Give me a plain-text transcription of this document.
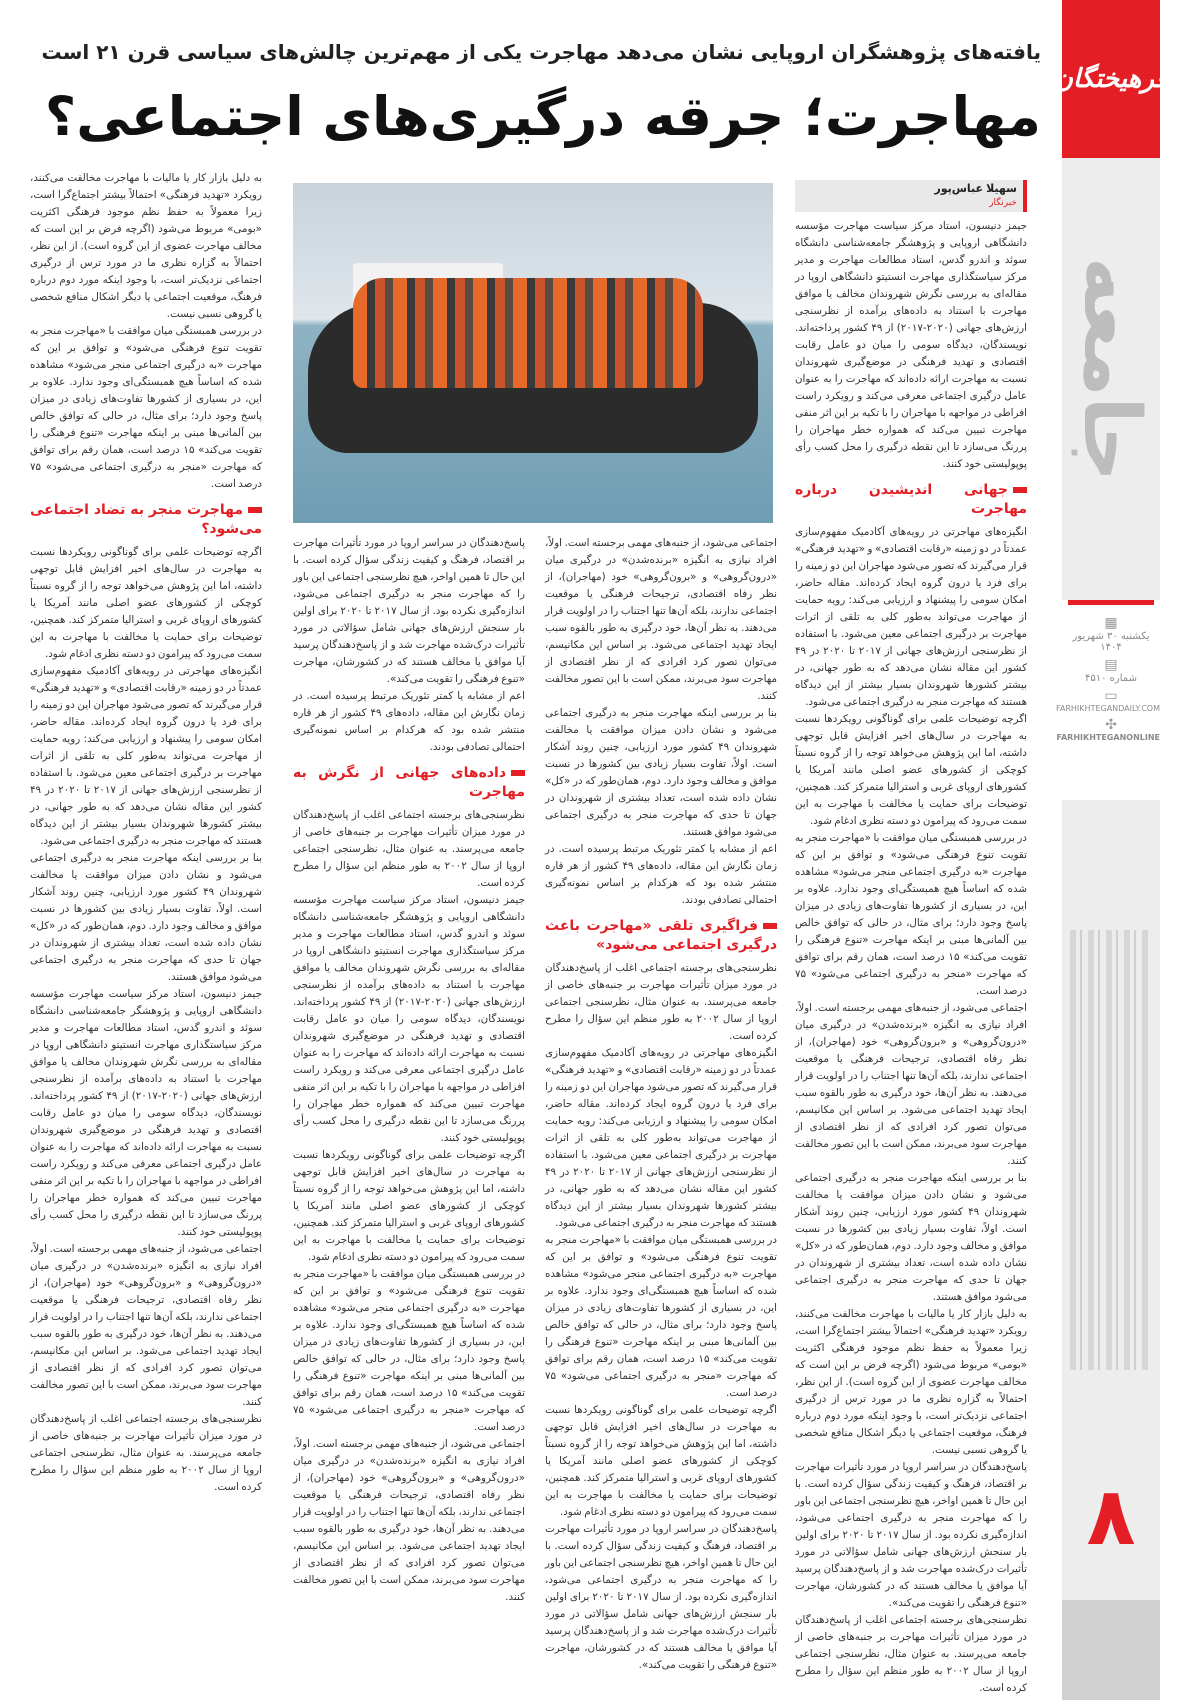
فرهیختگان
جامعه
▦
یکشنبه ۳۰ شهریور ۱۴۰۴
▤
شماره ۴۵۱۰
▭
FARHIKHTEGANDAILY.COM
✣
FARHIKHTEGANONLINE
۸
یافته‌های پژوهشگران اروپایی نشان می‌دهد مهاجرت یکی از مهم‌ترین چالش‌های سیاسی قرن ۲۱ است
مهاجرت؛ جرقه درگیری‌های اجتماعی؟
سهیلا عباس‌پور
خبرنگار

جیمز دنیسون، استاد مرکز سیاست مهاجرت مؤسسه دانشگاهی اروپایی و پژوهشگر جامعه‌شناسی دانشگاه سوئد و اندرو گدس، استاد مطالعات مهاجرت و مدیر مرکز سیاستگذاری مهاجرت انستیتو دانشگاهی اروپا در مقاله‌ای به بررسی نگرش شهروندان مخالف یا موافق مهاجرت با استناد به داده‌های برآمده از نظرسنجی ارزش‌های جهانی (۲۰۲۰-۲۰۱۷) از ۴۹ کشور پرداخته‌اند. نویسندگان، دیدگاه سومی را میان دو عامل رقابت اقتصادی و تهدید فرهنگی در موضع‌گیری شهروندان نسبت به مهاجرت ارائه داده‌اند که مهاجرت را به عنوان عامل درگیری اجتماعی معرفی می‌کند و رویکرد راست افراطی در مواجهه با مهاجران را با تکیه بر این اثر منفی مهاجرت تبیین می‌کند که همواره خطر مهاجران را پررنگ می‌سازد تا این نقطه درگیری را محل کسب رأی پوپولیستی خود کنند.

جهانی اندیشیدن درباره مهاجرت

انگیزه‌های مهاجرتی در رویه‌های آکادمیک مفهوم‌سازی عمدتاً در دو زمینه «رقابت اقتصادی» و «تهدید فرهنگی» قرار می‌گیرند که تصور می‌شود مهاجران این دو زمینه را برای فرد یا درون گروه ایجاد کرده‌اند. مقاله حاضر، امکان سومی را پیشنهاد و ارزیابی می‌کند: رویه حمایت از مهاجرت می‌تواند به‌طور کلی به تلقی از اثرات مهاجرت بر درگیری اجتماعی معین می‌شود. با استفاده از نظرسنجی ارزش‌های جهانی از ۲۰۱۷ تا ۲۰۲۰ در ۴۹ کشور این مقاله نشان می‌دهد که به طور جهانی، در بیشتر کشورها شهروندان بسیار بیشتر از این دیدگاه هستند که مهاجرت منجر به درگیری اجتماعی می‌شود.

اگرچه توضیحات علمی برای گوناگونی رویکردها نسبت به مهاجرت در سال‌های اخیر افزایش قابل توجهی داشته، اما این پژوهش می‌خواهد توجه را از گروه نسبتاً کوچکی از کشورهای عضو اصلی مانند آمریکا یا کشورهای اروپای غربی و استرالیا متمرکز کند. همچنین، توضیحات برای حمایت یا مخالفت با مهاجرت به این سمت می‌رود که پیرامون دو دسته نظری ادغام شود.

در بررسی همبستگی میان موافقت با «مهاجرت منجر به تقویت تنوع فرهنگی می‌شود» و توافق بر این که مهاجرت «به درگیری اجتماعی منجر می‌شود» مشاهده شده که اساساً هیچ همبستگی‌ای وجود ندارد. علاوه بر این، در بسیاری از کشورها تفاوت‌های زیادی در میزان پاسخ وجود دارد؛ برای مثال، در حالی که توافق خالص بین آلمانی‌ها مبنی بر اینکه مهاجرت «تنوع فرهنگی را تقویت می‌کند» ۱۵ درصد است، همان رقم برای توافق که مهاجرت «منجر به درگیری اجتماعی می‌شود» ۷۵ درصد است.

اجتماعی می‌شود، از جنبه‌های مهمی برجسته است. اولاً، افراد نیازی به انگیزه «برنده‌شدن» در درگیری میان «درون‌گروهی» و «برون‌گروهی» خود (مهاجران)، از نظر رفاه اقتصادی، ترجیحات فرهنگی یا موقعیت اجتماعی ندارند، بلکه آن‌ها تنها اجتناب را در اولویت قرار می‌دهند. به نظر آن‌ها، خود درگیری به طور بالقوه سبب ایجاد تهدید اجتماعی می‌شود. بر اساس این مکانیسم، می‌توان تصور کرد افرادی که از نظر اقتصادی از مهاجرت سود می‌برند، ممکن است با این تصور مخالفت کنند.

بنا بر بررسی اینکه مهاجرت منجر به درگیری اجتماعی می‌شود و نشان دادن میزان موافقت یا مخالفت شهروندان ۴۹ کشور مورد ارزیابی، چنین روند آشکار است. اولاً، تفاوت بسیار زیادی بین کشورها در نسبت موافق و مخالف وجود دارد. دوم، همان‌طور که در «کل» نشان داده شده است، تعداد بیشتری از شهروندان در جهان تا حدی که مهاجرت منجر به درگیری اجتماعی می‌شود موافق هستند.

به دلیل بازار کار یا مالیات با مهاجرت مخالفت می‌کنند، رویکرد «تهدید فرهنگی» احتمالاً بیشتر اجتماع‌گرا است، زیرا معمولاً به حفظ نظم موجود فرهنگی اکثریت «بومی» مربوط می‌شود (اگرچه فرض بر این است که مخالف مهاجرت عضوی از این گروه است). از این نظر، احتمالاً به گزاره نظری ما در مورد ترس از درگیری اجتماعی نزدیک‌تر است، با وجود اینکه مورد دوم درباره فرهنگ، موقعیت اجتماعی یا دیگر اشکال منافع شخصی یا گروهی نسبی نیست.

پاسخ‌دهندگان در سراسر اروپا در مورد تأثیرات مهاجرت بر اقتصاد، فرهنگ و کیفیت زندگی سؤال کرده است. با این حال تا همین اواخر، هیچ نظرسنجی اجتماعی این باور را که مهاجرت منجر به درگیری اجتماعی می‌شود، اندازه‌گیری نکرده بود. از سال ۲۰۱۷ تا ۲۰۲۰ برای اولین بار سنجش ارزش‌های جهانی شامل سؤالاتی در مورد تأثیرات درک‌شده مهاجرت شد و از پاسخ‌دهندگان پرسید آیا موافق یا مخالف هستند که در کشورشان، مهاجرت «تنوع فرهنگی را تقویت می‌کند».

نظرسنجی‌های برجسته اجتماعی اغلب از پاسخ‌دهندگان در مورد میزان تأثیرات مهاجرت بر جنبه‌های خاصی از جامعه می‌پرسند. به عنوان مثال، نظرسنجی اجتماعی اروپا از سال ۲۰۰۲ به طور منظم این سؤال را مطرح کرده است.

اجتماعی می‌شود، از جنبه‌های مهمی برجسته است. اولاً، افراد نیازی به انگیزه «برنده‌شدن» در درگیری میان «درون‌گروهی» و «برون‌گروهی» خود (مهاجران)، از نظر رفاه اقتصادی، ترجیحات فرهنگی یا موقعیت اجتماعی ندارند، بلکه آن‌ها تنها اجتناب را در اولویت قرار می‌دهند. به نظر آن‌ها، خود درگیری به طور بالقوه سبب ایجاد تهدید اجتماعی می‌شود. بر اساس این مکانیسم، می‌توان تصور کرد افرادی که از نظر اقتصادی از مهاجرت سود می‌برند، ممکن است با این تصور مخالفت کنند.

بنا بر بررسی اینکه مهاجرت منجر به درگیری اجتماعی می‌شود و نشان دادن میزان موافقت یا مخالفت شهروندان ۴۹ کشور مورد ارزیابی، چنین روند آشکار است. اولاً، تفاوت بسیار زیادی بین کشورها در نسبت موافق و مخالف وجود دارد. دوم، همان‌طور که در «کل» نشان داده شده است، تعداد بیشتری از شهروندان در جهان تا حدی که مهاجرت منجر به درگیری اجتماعی می‌شود موافق هستند.

اعم از مشابه یا کمتر تئوریک مرتبط پرسیده است. در زمان نگارش این مقاله، داده‌های ۴۹ کشور از هر قاره منتشر شده بود که هرکدام بر اساس نمونه‌گیری احتمالی تصادفی بودند.

فراگیری تلقی «مهاجرت باعث درگیری اجتماعی می‌شود»

نظرسنجی‌های برجسته اجتماعی اغلب از پاسخ‌دهندگان در مورد میزان تأثیرات مهاجرت بر جنبه‌های خاصی از جامعه می‌پرسند. به عنوان مثال، نظرسنجی اجتماعی اروپا از سال ۲۰۰۲ به طور منظم این سؤال را مطرح کرده است.

انگیزه‌های مهاجرتی در رویه‌های آکادمیک مفهوم‌سازی عمدتاً در دو زمینه «رقابت اقتصادی» و «تهدید فرهنگی» قرار می‌گیرند که تصور می‌شود مهاجران این دو زمینه را برای فرد یا درون گروه ایجاد کرده‌اند. مقاله حاضر، امکان سومی را پیشنهاد و ارزیابی می‌کند: رویه حمایت از مهاجرت می‌تواند به‌طور کلی به تلقی از اثرات مهاجرت بر درگیری اجتماعی معین می‌شود. با استفاده از نظرسنجی ارزش‌های جهانی از ۲۰۱۷ تا ۲۰۲۰ در ۴۹ کشور این مقاله نشان می‌دهد که به طور جهانی، در بیشتر کشورها شهروندان بسیار بیشتر از این دیدگاه هستند که مهاجرت منجر به درگیری اجتماعی می‌شود.

در بررسی همبستگی میان موافقت با «مهاجرت منجر به تقویت تنوع فرهنگی می‌شود» و توافق بر این که مهاجرت «به درگیری اجتماعی منجر می‌شود» مشاهده شده که اساساً هیچ همبستگی‌ای وجود ندارد. علاوه بر این، در بسیاری از کشورها تفاوت‌های زیادی در میزان پاسخ وجود دارد؛ برای مثال، در حالی که توافق خالص بین آلمانی‌ها مبنی بر اینکه مهاجرت «تنوع فرهنگی را تقویت می‌کند» ۱۵ درصد است، همان رقم برای توافق که مهاجرت «منجر به درگیری اجتماعی می‌شود» ۷۵ درصد است.

اگرچه توضیحات علمی برای گوناگونی رویکردها نسبت به مهاجرت در سال‌های اخیر افزایش قابل توجهی داشته، اما این پژوهش می‌خواهد توجه را از گروه نسبتاً کوچکی از کشورهای عضو اصلی مانند آمریکا یا کشورهای اروپای غربی و استرالیا متمرکز کند. همچنین، توضیحات برای حمایت یا مخالفت با مهاجرت به این سمت می‌رود که پیرامون دو دسته نظری ادغام شود.

پاسخ‌دهندگان در سراسر اروپا در مورد تأثیرات مهاجرت بر اقتصاد، فرهنگ و کیفیت زندگی سؤال کرده است. با این حال تا همین اواخر، هیچ نظرسنجی اجتماعی این باور را که مهاجرت منجر به درگیری اجتماعی می‌شود، اندازه‌گیری نکرده بود. از سال ۲۰۱۷ تا ۲۰۲۰ برای اولین بار سنجش ارزش‌های جهانی شامل سؤالاتی در مورد تأثیرات درک‌شده مهاجرت شد و از پاسخ‌دهندگان پرسید آیا موافق یا مخالف هستند که در کشورشان، مهاجرت «تنوع فرهنگی را تقویت می‌کند».

پاسخ‌دهندگان در سراسر اروپا در مورد تأثیرات مهاجرت بر اقتصاد، فرهنگ و کیفیت زندگی سؤال کرده است. با این حال تا همین اواخر، هیچ نظرسنجی اجتماعی این باور را که مهاجرت منجر به درگیری اجتماعی می‌شود، اندازه‌گیری نکرده بود. از سال ۲۰۱۷ تا ۲۰۲۰ برای اولین بار سنجش ارزش‌های جهانی شامل سؤالاتی در مورد تأثیرات درک‌شده مهاجرت شد و از پاسخ‌دهندگان پرسید آیا موافق یا مخالف هستند که در کشورشان، مهاجرت «تنوع فرهنگی را تقویت می‌کند».

اعم از مشابه یا کمتر تئوریک مرتبط پرسیده است. در زمان نگارش این مقاله، داده‌های ۴۹ کشور از هر قاره منتشر شده بود که هرکدام بر اساس نمونه‌گیری احتمالی تصادفی بودند.

داده‌های جهانی از نگرش به مهاجرت

نظرسنجی‌های برجسته اجتماعی اغلب از پاسخ‌دهندگان در مورد میزان تأثیرات مهاجرت بر جنبه‌های خاصی از جامعه می‌پرسند. به عنوان مثال، نظرسنجی اجتماعی اروپا از سال ۲۰۰۲ به طور منظم این سؤال را مطرح کرده است.

جیمز دنیسون، استاد مرکز سیاست مهاجرت مؤسسه دانشگاهی اروپایی و پژوهشگر جامعه‌شناسی دانشگاه سوئد و اندرو گدس، استاد مطالعات مهاجرت و مدیر مرکز سیاستگذاری مهاجرت انستیتو دانشگاهی اروپا در مقاله‌ای به بررسی نگرش شهروندان مخالف یا موافق مهاجرت با استناد به داده‌های برآمده از نظرسنجی ارزش‌های جهانی (۲۰۲۰-۲۰۱۷) از ۴۹ کشور پرداخته‌اند. نویسندگان، دیدگاه سومی را میان دو عامل رقابت اقتصادی و تهدید فرهنگی در موضع‌گیری شهروندان نسبت به مهاجرت ارائه داده‌اند که مهاجرت را به عنوان عامل درگیری اجتماعی معرفی می‌کند و رویکرد راست افراطی در مواجهه با مهاجران را با تکیه بر این اثر منفی مهاجرت تبیین می‌کند که همواره خطر مهاجران را پررنگ می‌سازد تا این نقطه درگیری را محل کسب رأی پوپولیستی خود کنند.

اگرچه توضیحات علمی برای گوناگونی رویکردها نسبت به مهاجرت در سال‌های اخیر افزایش قابل توجهی داشته، اما این پژوهش می‌خواهد توجه را از گروه نسبتاً کوچکی از کشورهای عضو اصلی مانند آمریکا یا کشورهای اروپای غربی و استرالیا متمرکز کند. همچنین، توضیحات برای حمایت یا مخالفت با مهاجرت به این سمت می‌رود که پیرامون دو دسته نظری ادغام شود.

در بررسی همبستگی میان موافقت با «مهاجرت منجر به تقویت تنوع فرهنگی می‌شود» و توافق بر این که مهاجرت «به درگیری اجتماعی منجر می‌شود» مشاهده شده که اساساً هیچ همبستگی‌ای وجود ندارد. علاوه بر این، در بسیاری از کشورها تفاوت‌های زیادی در میزان پاسخ وجود دارد؛ برای مثال، در حالی که توافق خالص بین آلمانی‌ها مبنی بر اینکه مهاجرت «تنوع فرهنگی را تقویت می‌کند» ۱۵ درصد است، همان رقم برای توافق که مهاجرت «منجر به درگیری اجتماعی می‌شود» ۷۵ درصد است.

اجتماعی می‌شود، از جنبه‌های مهمی برجسته است. اولاً، افراد نیازی به انگیزه «برنده‌شدن» در درگیری میان «درون‌گروهی» و «برون‌گروهی» خود (مهاجران)، از نظر رفاه اقتصادی، ترجیحات فرهنگی یا موقعیت اجتماعی ندارند، بلکه آن‌ها تنها اجتناب را در اولویت قرار می‌دهند. به نظر آن‌ها، خود درگیری به طور بالقوه سبب ایجاد تهدید اجتماعی می‌شود. بر اساس این مکانیسم، می‌توان تصور کرد افرادی که از نظر اقتصادی از مهاجرت سود می‌برند، ممکن است با این تصور مخالفت کنند.

به دلیل بازار کار یا مالیات با مهاجرت مخالفت می‌کنند، رویکرد «تهدید فرهنگی» احتمالاً بیشتر اجتماع‌گرا است، زیرا معمولاً به حفظ نظم موجود فرهنگی اکثریت «بومی» مربوط می‌شود (اگرچه فرض بر این است که مخالف مهاجرت عضوی از این گروه است). از این نظر، احتمالاً به گزاره نظری ما در مورد ترس از درگیری اجتماعی نزدیک‌تر است، با وجود اینکه مورد دوم درباره فرهنگ، موقعیت اجتماعی یا دیگر اشکال منافع شخصی یا گروهی نسبی نیست.

در بررسی همبستگی میان موافقت با «مهاجرت منجر به تقویت تنوع فرهنگی می‌شود» و توافق بر این که مهاجرت «به درگیری اجتماعی منجر می‌شود» مشاهده شده که اساساً هیچ همبستگی‌ای وجود ندارد. علاوه بر این، در بسیاری از کشورها تفاوت‌های زیادی در میزان پاسخ وجود دارد؛ برای مثال، در حالی که توافق خالص بین آلمانی‌ها مبنی بر اینکه مهاجرت «تنوع فرهنگی را تقویت می‌کند» ۱۵ درصد است، همان رقم برای توافق که مهاجرت «منجر به درگیری اجتماعی می‌شود» ۷۵ درصد است.

مهاجرت منجر به تضاد اجتماعی می‌شود؟

اگرچه توضیحات علمی برای گوناگونی رویکردها نسبت به مهاجرت در سال‌های اخیر افزایش قابل توجهی داشته، اما این پژوهش می‌خواهد توجه را از گروه نسبتاً کوچکی از کشورهای عضو اصلی مانند آمریکا یا کشورهای اروپای غربی و استرالیا متمرکز کند. همچنین، توضیحات برای حمایت یا مخالفت با مهاجرت به این سمت می‌رود که پیرامون دو دسته نظری ادغام شود.

انگیزه‌های مهاجرتی در رویه‌های آکادمیک مفهوم‌سازی عمدتاً در دو زمینه «رقابت اقتصادی» و «تهدید فرهنگی» قرار می‌گیرند که تصور می‌شود مهاجران این دو زمینه را برای فرد یا درون گروه ایجاد کرده‌اند. مقاله حاضر، امکان سومی را پیشنهاد و ارزیابی می‌کند: رویه حمایت از مهاجرت می‌تواند به‌طور کلی به تلقی از اثرات مهاجرت بر درگیری اجتماعی معین می‌شود. با استفاده از نظرسنجی ارزش‌های جهانی از ۲۰۱۷ تا ۲۰۲۰ در ۴۹ کشور این مقاله نشان می‌دهد که به طور جهانی، در بیشتر کشورها شهروندان بسیار بیشتر از این دیدگاه هستند که مهاجرت منجر به درگیری اجتماعی می‌شود.

بنا بر بررسی اینکه مهاجرت منجر به درگیری اجتماعی می‌شود و نشان دادن میزان موافقت یا مخالفت شهروندان ۴۹ کشور مورد ارزیابی، چنین روند آشکار است. اولاً، تفاوت بسیار زیادی بین کشورها در نسبت موافق و مخالف وجود دارد. دوم، همان‌طور که در «کل» نشان داده شده است، تعداد بیشتری از شهروندان در جهان تا حدی که مهاجرت منجر به درگیری اجتماعی می‌شود موافق هستند.

جیمز دنیسون، استاد مرکز سیاست مهاجرت مؤسسه دانشگاهی اروپایی و پژوهشگر جامعه‌شناسی دانشگاه سوئد و اندرو گدس، استاد مطالعات مهاجرت و مدیر مرکز سیاستگذاری مهاجرت انستیتو دانشگاهی اروپا در مقاله‌ای به بررسی نگرش شهروندان مخالف یا موافق مهاجرت با استناد به داده‌های برآمده از نظرسنجی ارزش‌های جهانی (۲۰۲۰-۲۰۱۷) از ۴۹ کشور پرداخته‌اند. نویسندگان، دیدگاه سومی را میان دو عامل رقابت اقتصادی و تهدید فرهنگی در موضع‌گیری شهروندان نسبت به مهاجرت ارائه داده‌اند که مهاجرت را به عنوان عامل درگیری اجتماعی معرفی می‌کند و رویکرد راست افراطی در مواجهه با مهاجران را با تکیه بر این اثر منفی مهاجرت تبیین می‌کند که همواره خطر مهاجران را پررنگ می‌سازد تا این نقطه درگیری را محل کسب رأی پوپولیستی خود کنند.

اجتماعی می‌شود، از جنبه‌های مهمی برجسته است. اولاً، افراد نیازی به انگیزه «برنده‌شدن» در درگیری میان «درون‌گروهی» و «برون‌گروهی» خود (مهاجران)، از نظر رفاه اقتصادی، ترجیحات فرهنگی یا موقعیت اجتماعی ندارند، بلکه آن‌ها تنها اجتناب را در اولویت قرار می‌دهند. به نظر آن‌ها، خود درگیری به طور بالقوه سبب ایجاد تهدید اجتماعی می‌شود. بر اساس این مکانیسم، می‌توان تصور کرد افرادی که از نظر اقتصادی از مهاجرت سود می‌برند، ممکن است با این تصور مخالفت کنند.

نظرسنجی‌های برجسته اجتماعی اغلب از پاسخ‌دهندگان در مورد میزان تأثیرات مهاجرت بر جنبه‌های خاصی از جامعه می‌پرسند. به عنوان مثال، نظرسنجی اجتماعی اروپا از سال ۲۰۰۲ به طور منظم این سؤال را مطرح کرده است.
